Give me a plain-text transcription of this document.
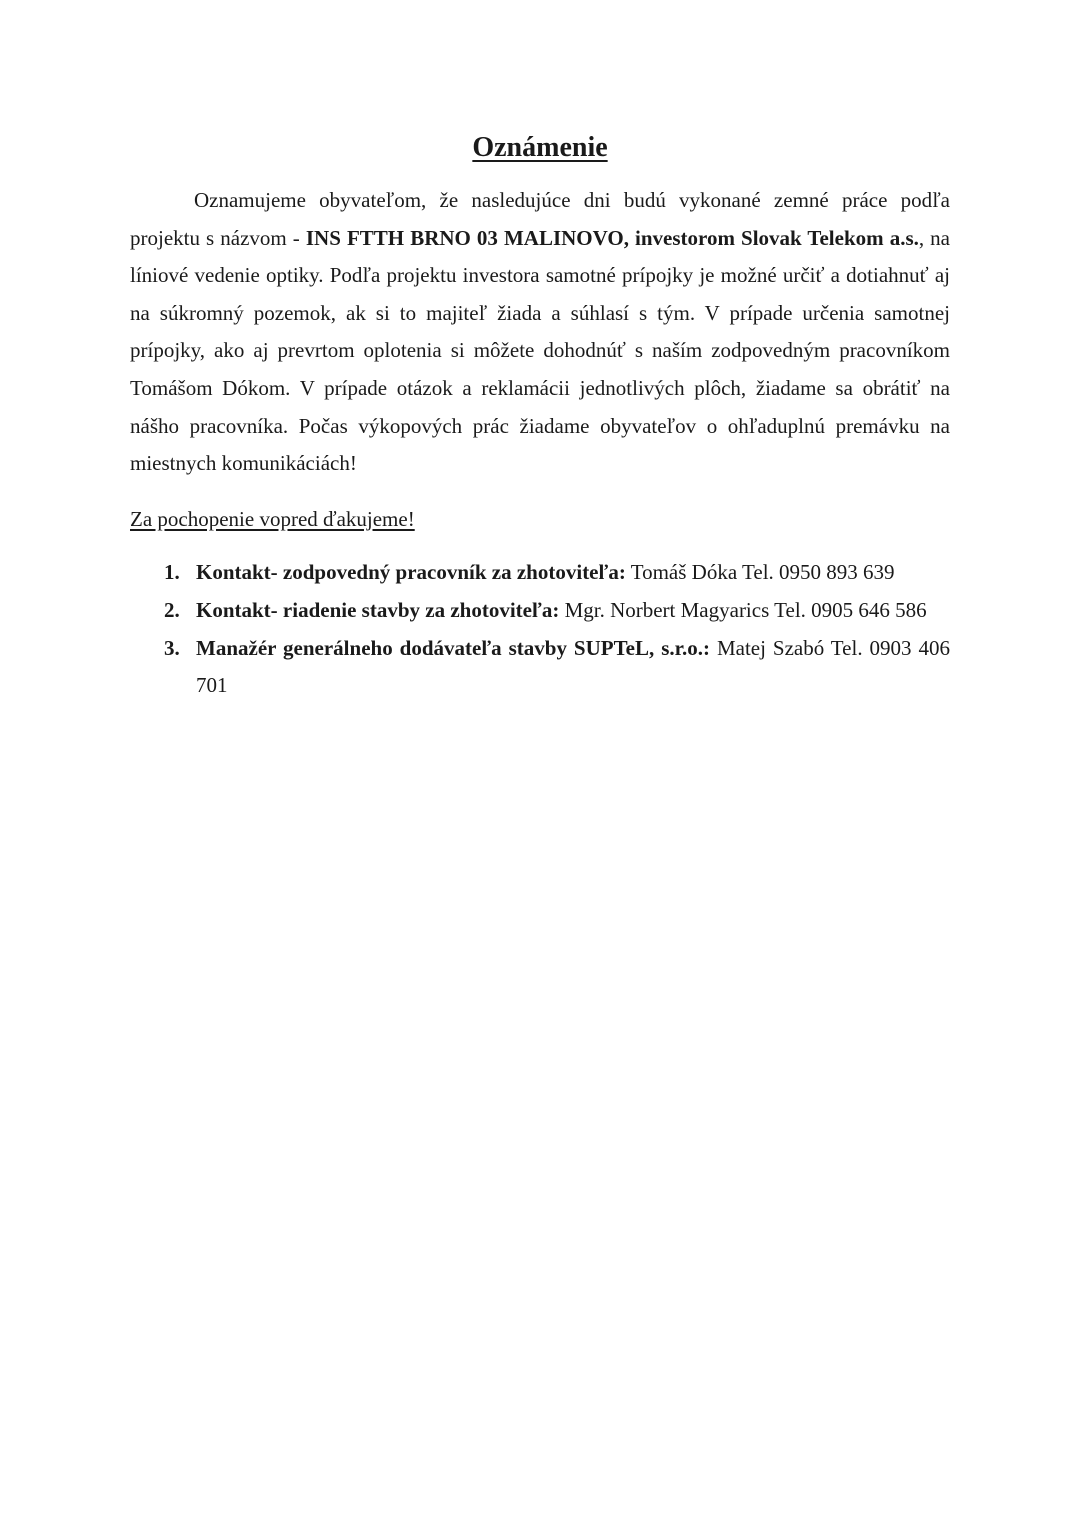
Oznámenie

Oznamujeme obyvateľom, že nasledujúce dni budú vykonané zemné práce podľa projektu s názvom - INS FTTH BRNO 03 MALINOVO, investorom Slovak Telekom a.s., na líniové vedenie optiky. Podľa projektu investora samotné prípojky je možné určiť a dotiahnuť aj na súkromný pozemok, ak si to majiteľ žiada a súhlasí s tým. V prípade určenia samotnej prípojky, ako aj prevrtom oplotenia si môžete dohodnúť s naším zodpovedným pracovníkom Tomášom Dókom. V prípade otázok a reklamácii jednotlivých plôch, žiadame sa obrátiť na nášho pracovníka. Počas výkopových prác žiadame obyvateľov o ohľaduplnú premávku na miestnych komunikáciách!

Za pochopenie vopred ďakujeme!

1. Kontakt- zodpovedný pracovník za zhotoviteľa: Tomáš Dóka Tel. 0950 893 639
2. Kontakt- riadenie stavby za zhotoviteľa: Mgr. Norbert Magyarics Tel. 0905 646 586
3. Manažér generálneho dodávateľa stavby SUPTeL, s.r.o.: Matej Szabó Tel. 0903 406 701
